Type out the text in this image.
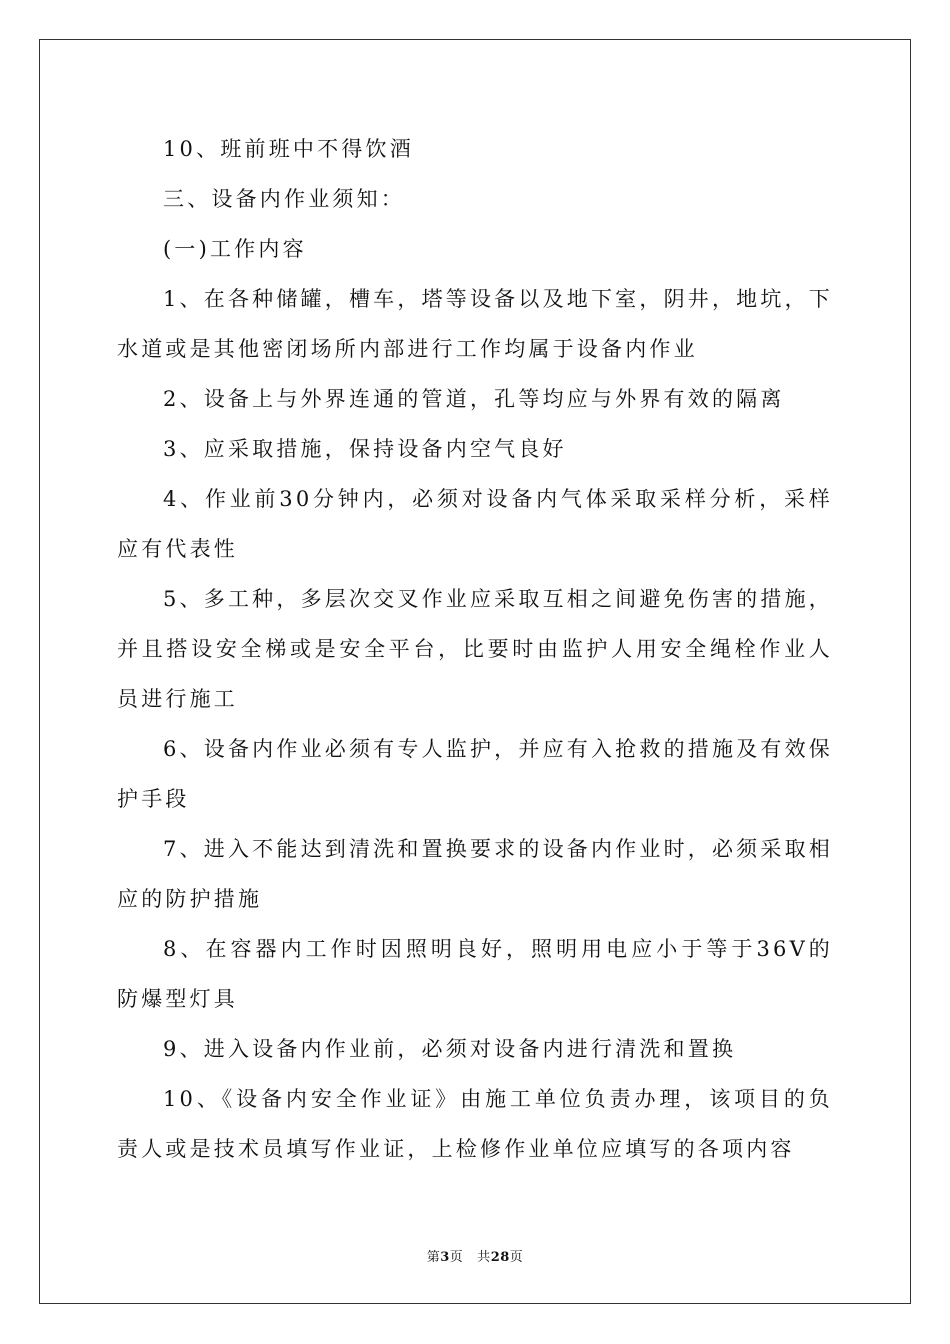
10、班前班中不得饮酒

三、设备内作业须知：

(一)工作内容

1、在各种储罐，槽车，塔等设备以及地下室，阴井，地坑，下水道或是其他密闭场所内部进行工作均属于设备内作业

2、设备上与外界连通的管道，孔等均应与外界有效的隔离

3、应采取措施，保持设备内空气良好

4、作业前30分钟内，必须对设备内气体采取采样分析，采样应有代表性

5、多工种，多层次交叉作业应采取互相之间避免伤害的措施，并且搭设安全梯或是安全平台，比要时由监护人用安全绳栓作业人员进行施工

6、设备内作业必须有专人监护，并应有入抢救的措施及有效保护手段

7、进入不能达到清洗和置换要求的设备内作业时，必须采取相应的防护措施

8、在容器内工作时因照明良好，照明用电应小于等于36V的防爆型灯具

9、进入设备内作业前，必须对设备内进行清洗和置换

10、《设备内安全作业证》由施工单位负责办理，该项目的负责人或是技术员填写作业证，上检修作业单位应填写的各项内容

第3页 共28页
